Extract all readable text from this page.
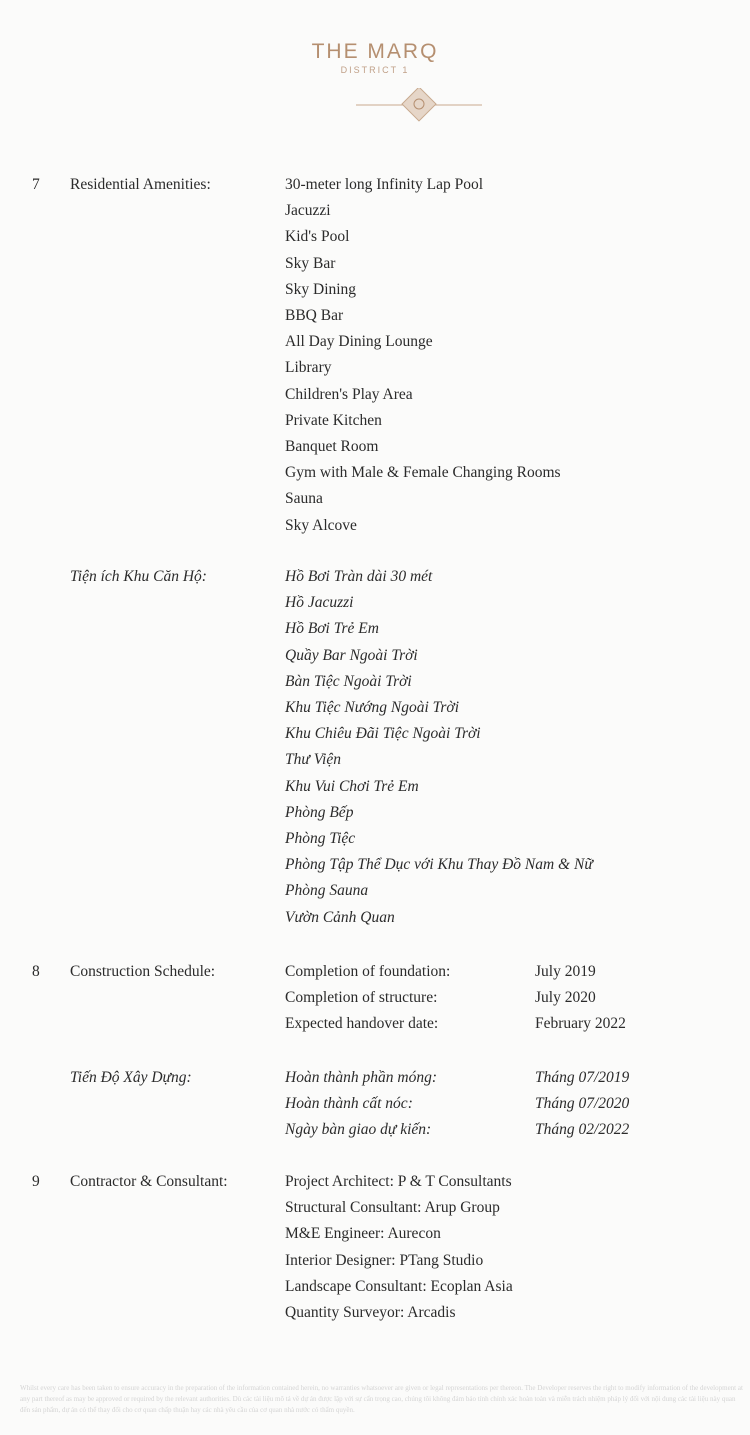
THE MARQ
DISTRICT 1
7 Residential Amenities:	30-meter long Infinity Lap Pool
Jacuzzi
Kid's Pool
Sky Bar
Sky Dining
BBQ Bar
All Day Dining Lounge
Library
Children's Play Area
Private Kitchen
Banquet Room
Gym with Male & Female Changing Rooms
Sauna
Sky Alcove
Tiện ích Khu Căn Hộ:	Hồ Bơi Tràn dài 30 mét
Hồ Jacuzzi
Hồ Bơi Trẻ Em
Quầy Bar Ngoài Trời
Bàn Tiệc Ngoài Trời
Khu Tiệc Nướng Ngoài Trời
Khu Chiêu Đãi Tiệc Ngoài Trời
Thư Viện
Khu Vui Chơi Trẻ Em
Phòng Bếp
Phòng Tiệc
Phòng Tập Thể Dục với Khu Thay Đồ Nam & Nữ
Phòng Sauna
Vườn Cảnh Quan
8 Construction Schedule:	Completion of foundation:	July 2019
Completion of structure:	July 2020
Expected handover date:	February 2022
Tiến Độ Xây Dựng:	Hoàn thành phần móng:	Tháng 07/2019
Hoàn thành cất nóc:	Tháng 07/2020
Ngày bàn giao dự kiến:	Tháng 02/2022
9 Contractor & Consultant:	Project Architect: P & T Consultants
Structural Consultant: Arup Group
M&E Engineer: Aurecon
Interior Designer: PTang Studio
Landscape Consultant: Ecoplan Asia
Quantity Surveyor: Arcadis
Whilst every care has been taken to ensure accuracy in the preparation of the information contained herein, no warranties whatsoever are given or legal representations per thereon. The Developer reserves the right to modify information of the development at any part thereof as may be approved or required by the relevant authorities. Dù các tài liệu mô tả về dự án được lập với sự cẩn trọng cao, chúng tôi không đảm bảo tính chính xác hoàn toàn và miễn trách nhiệm pháp lý đối với nội dung các tài liệu này quan đến sản phẩm, dự án có thể thay đổi cho cơ quan chấp thuận hay các nhà yêu cầu của cơ quan nhà nước có thẩm quyền.
